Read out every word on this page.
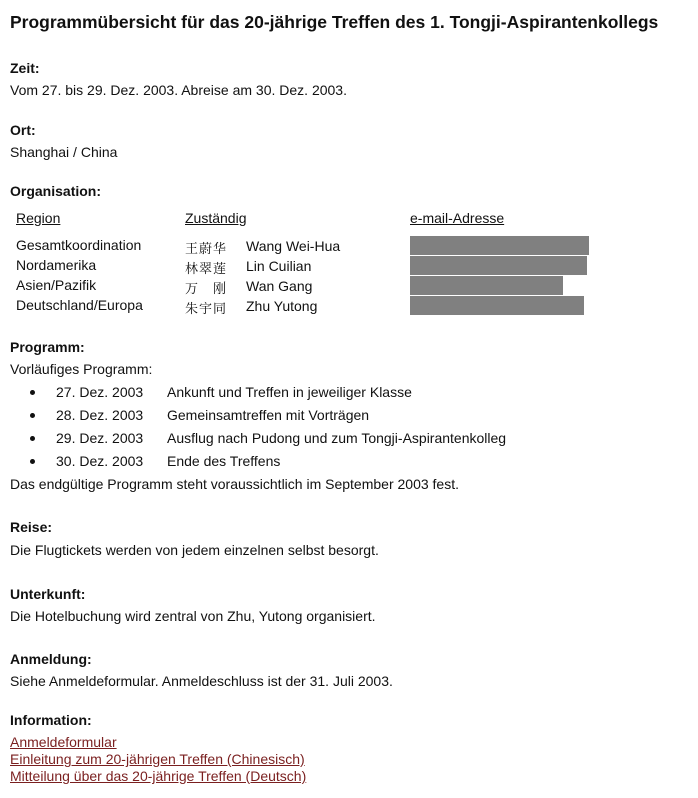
Programmübersicht für das 20-jährige Treffen des 1. Tongji-Aspirantenkollegs
Zeit:
Vom 27. bis 29. Dez. 2003. Abreise am 30. Dez. 2003.
Ort:
Shanghai / China
Organisation:
Region	Zuständig	e-mail-Adresse
Gesamtkoordination	王蔚华 Wang Wei-Hua
Nordamerika	林翠莲 Lin Cuilian
Asien/Pazifik	万　刚 Wan Gang
Deutschland/Europa	朱宇同 Zhu Yutong
Programm:
Vorläufiges Programm:
27. Dez. 2003 Ankunft und Treffen in jeweiliger Klasse
28. Dez. 2003 Gemeinsamtreffen mit Vorträgen
29. Dez. 2003 Ausflug nach Pudong und zum Tongji-Aspirantenkolleg
30. Dez. 2003 Ende des Treffens
Das endgültige Programm steht voraussichtlich im September 2003 fest.
Reise:
Die Flugtickets werden von jedem einzelnen selbst besorgt.
Unterkunft:
Die Hotelbuchung wird zentral von Zhu, Yutong organisiert.
Anmeldung:
Siehe Anmeldeformular. Anmeldeschluss ist der 31. Juli 2003.
Information:
Anmeldeformular
Einleitung zum 20-jährigen Treffen (Chinesisch)
Mitteilung über das 20-jährige Treffen (Deutsch)
